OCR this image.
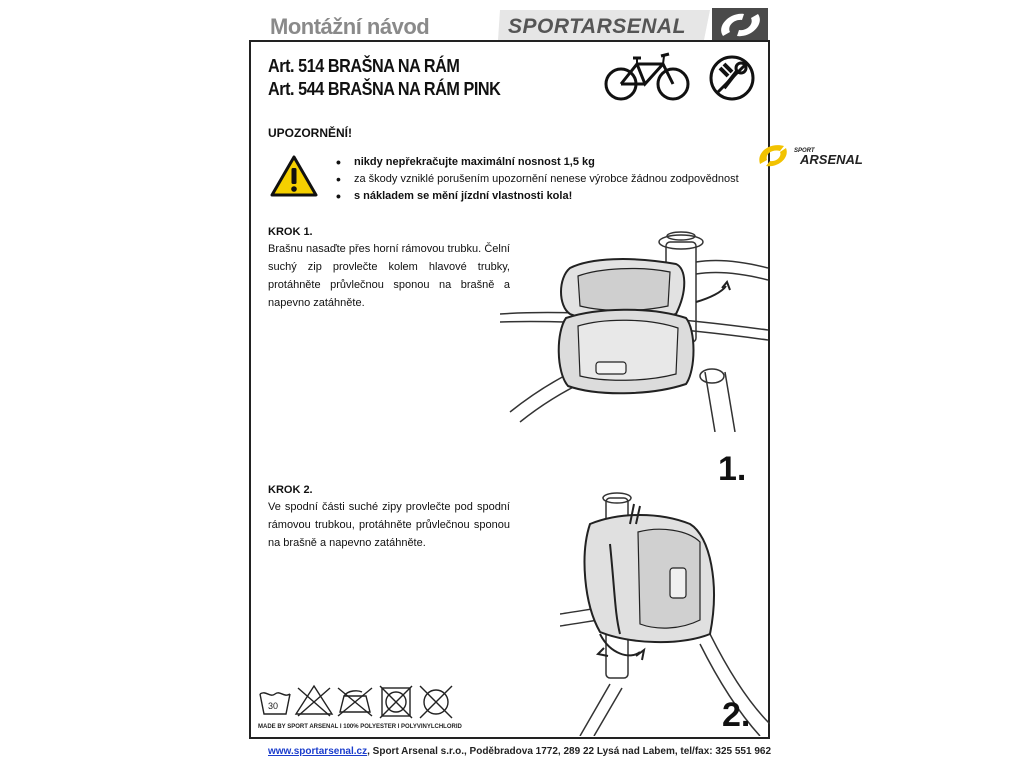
Montážní návod	SPORTARSENAL
Art. 514 BRAŠNA NA RÁM
Art. 544 BRAŠNA NA RÁM PINK
SPORT
ARSENAL
UPOZORNĚNÍ!
• nikdy nepřekračujte maximální nosnost 1,5 kg
• za škody vzniklé porušením upozornění nenese výrobce žádnou zodpovědnost
• s nákladem se mění jízdní vlastnosti kola!
KROK 1.
Brašnu nasaďte přes horní rámovou trubku. Čelní suchý zip provlečte kolem hlavové trubky, protáhněte průvlečnou sponou na brašně a napevno zatáhněte.
1.
KROK 2.
Ve spodní části suché zipy provlečte pod spodní rámovou trubkou, protáhněte průvlečnou sponou na brašně a napevno zatáhněte.
2.
30
MADE BY SPORT ARSENAL I 100% POLYESTER I POLYVINYLCHLORID
www.sportarsenal.cz, Sport Arsenal s.r.o., Poděbradova 1772, 289 22 Lysá nad Labem, tel/fax: 325 551 962
